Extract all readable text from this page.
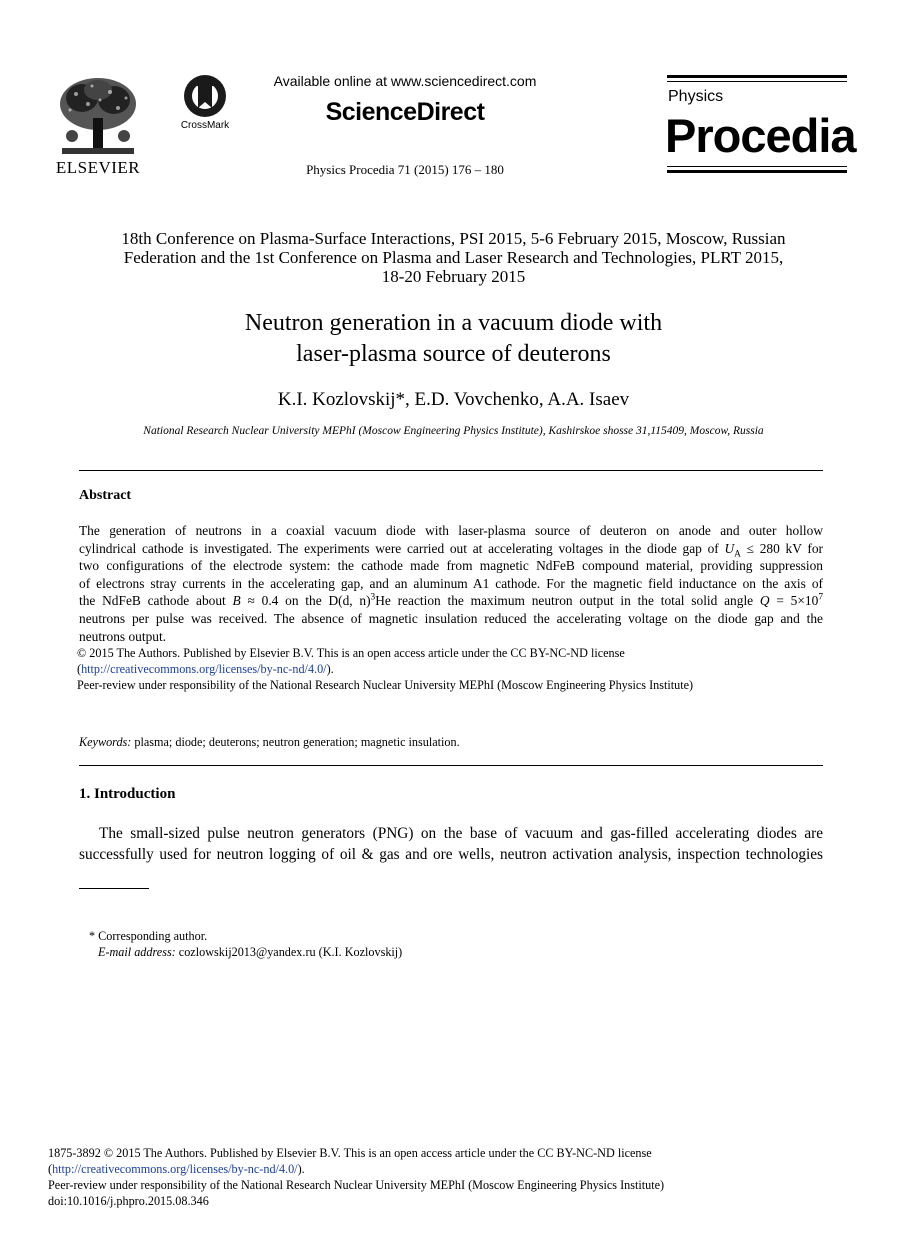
ELSEVIER
CrossMark
Available online at www.sciencedirect.com
ScienceDirect
Physics Procedia 71 (2015) 176 – 180
Physics
Procedia
18th Conference on Plasma-Surface Interactions, PSI 2015, 5-6 February 2015, Moscow, Russian
Federation and the 1st Conference on Plasma and Laser Research and Technologies, PLRT 2015,
18-20 February 2015
Neutron generation in a vacuum diode with
laser-plasma source of deuterons
K.I. Kozlovskij*, E.D. Vovchenko, A.A. Isaev
National Research Nuclear University MEPhI (Moscow Engineering Physics Institute), Kashirskoe shosse 31,115409, Moscow, Russia
Abstract
The generation of neutrons in a coaxial vacuum diode with laser-plasma source of deuteron on anode and outer hollow
cylindrical cathode is investigated. The experiments were carried out at accelerating voltages in the diode gap of $U_A \le 280$ kV for
two configurations of the electrode system: the cathode made from magnetic NdFeB compound material, providing suppression
of electrons stray currents in the accelerating gap, and an aluminum A1 cathode. For the magnetic field inductance on the axis of
the NdFeB cathode about B ≈ 0.4 on the D(d, n)$^3$He reaction the maximum neutron output in the total solid angle $Q = 5\times 10^7$
neutrons per pulse was received. The absence of magnetic insulation reduced the accelerating voltage on the diode gap and the
neutrons output.
© 2015 The Authors. Published by Elsevier B.V. This is an open access article under the CC BY-NC-ND license
(http://creativecommons.org/licenses/by-nc-nd/4.0/).
Peer-review under responsibility of the National Research Nuclear University MEPhI (Moscow Engineering Physics Institute)
Keywords: plasma; diode; deuterons; neutron generation; magnetic insulation.
1. Introduction
The small-sized pulse neutron generators (PNG) on the base of vacuum and gas-filled accelerating diodes are
successfully used for neutron logging of oil & gas and ore wells, neutron activation analysis, inspection technologies
* Corresponding author.
E-mail address: cozlowskij2013@yandex.ru (K.I. Kozlovskij)
1875-3892 © 2015 The Authors. Published by Elsevier B.V. This is an open access article under the CC BY-NC-ND license
(http://creativecommons.org/licenses/by-nc-nd/4.0/).
Peer-review under responsibility of the National Research Nuclear University MEPhI (Moscow Engineering Physics Institute)
doi:10.1016/j.phpro.2015.08.346
